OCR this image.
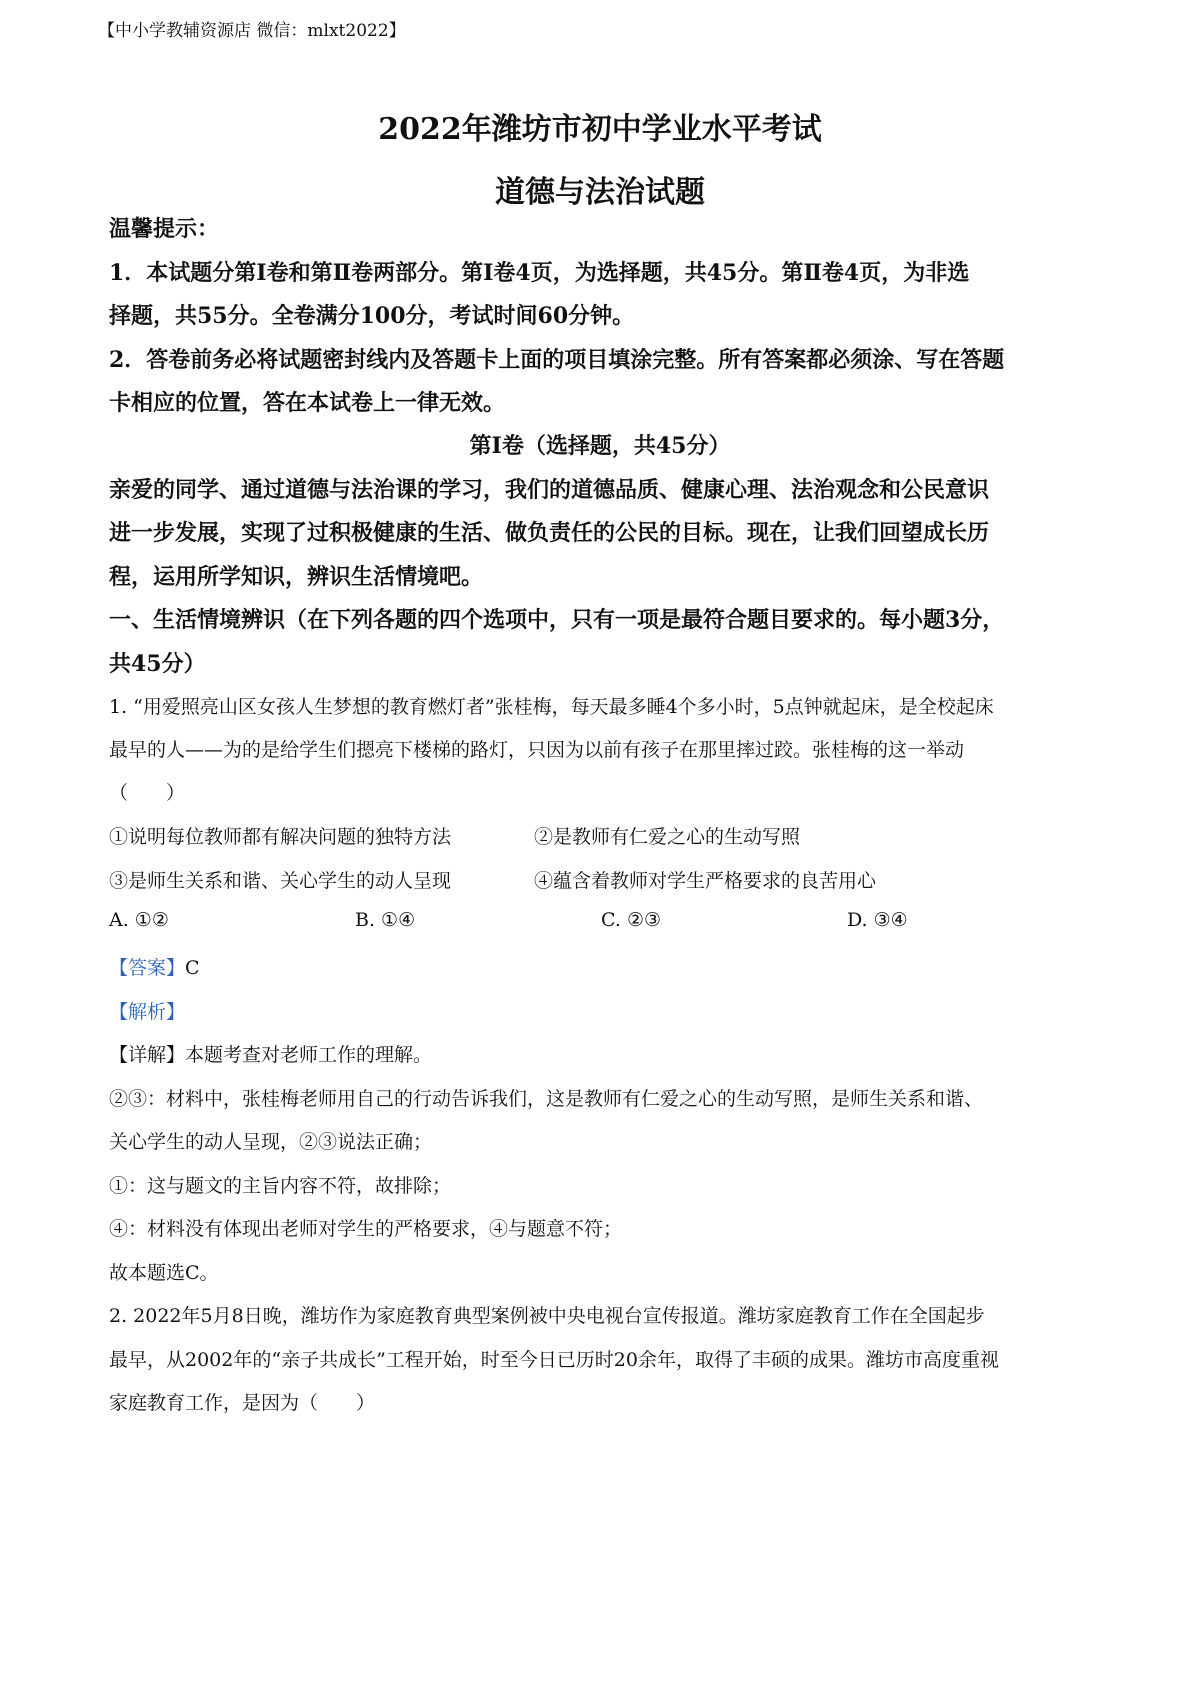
【中小学教辅资源店 微信：mlxt2022】
2022年潍坊市初中学业水平考试
道德与法治试题
温馨提示：
1．本试题分第Ⅰ卷和第Ⅱ卷两部分。第Ⅰ卷4页，为选择题，共45分。第Ⅱ卷4页，为非选
择题，共55分。全卷满分100分，考试时间60分钟。
2．答卷前务必将试题密封线内及答题卡上面的项目填涂完整。所有答案都必须涂、写在答题
卡相应的位置，答在本试卷上一律无效。
第Ⅰ卷（选择题，共45分）
亲爱的同学、通过道德与法治课的学习，我们的道德品质、健康心理、法治观念和公民意识
进一步发展，实现了过积极健康的生活、做负责任的公民的目标。现在，让我们回望成长历
程，运用所学知识，辨识生活情境吧。
一、生活情境辨识（在下列各题的四个选项中，只有一项是最符合题目要求的。每小题3分，
共45分）
1. “用爱照亮山区女孩人生梦想的教育燃灯者”张桂梅，每天最多睡4个多小时，5点钟就起床，是全校起床
最早的人——为的是给学生们摁亮下楼梯的路灯，只因为以前有孩子在那里摔过跤。张桂梅的这一举动
（　　）
①说明每位教师都有解决问题的独特方法	②是教师有仁爱之心的生动写照
③是师生关系和谐、关心学生的动人呈现	④蕴含着教师对学生严格要求的良苦用心
A. ①②	B. ①④	C. ②③	D. ③④
【答案】C
【解析】
【详解】本题考查对老师工作的理解。
②③：材料中，张桂梅老师用自己的行动告诉我们，这是教师有仁爱之心的生动写照，是师生关系和谐、
关心学生的动人呈现，②③说法正确；
①：这与题文的主旨内容不符，故排除；
④：材料没有体现出老师对学生的严格要求，④与题意不符；
故本题选C。
2. 2022年5月8日晚，潍坊作为家庭教育典型案例被中央电视台宣传报道。潍坊家庭教育工作在全国起步
最早，从2002年的“亲子共成长”工程开始，时至今日已历时20余年，取得了丰硕的成果。潍坊市高度重视
家庭教育工作，是因为（　　）
